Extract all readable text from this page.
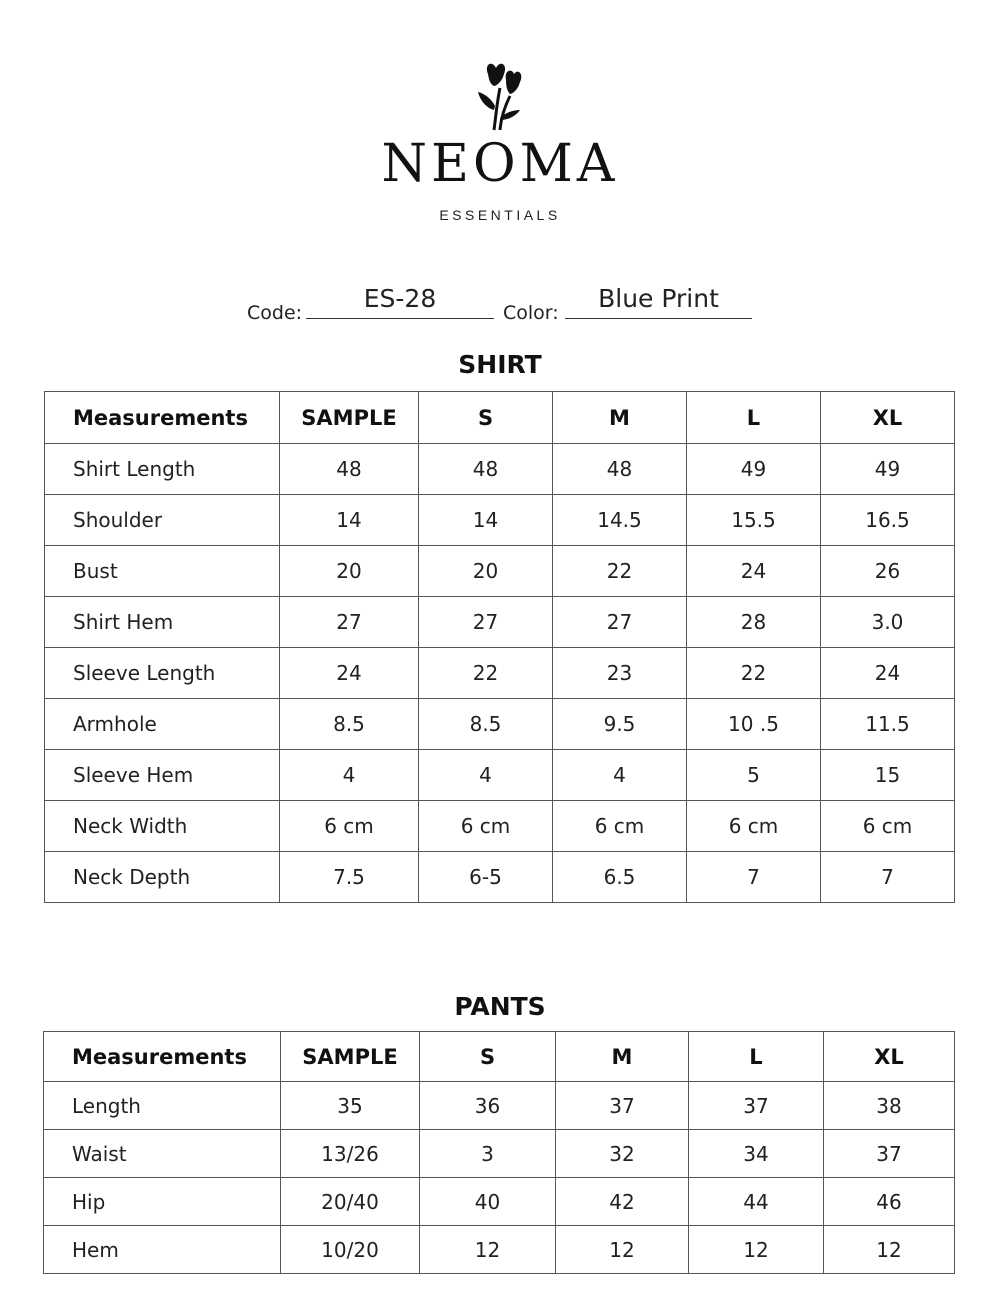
NEOMA
ESSENTIALS
Code:	ES-28	Color:	Blue Print
SHIRT
Measurements	SAMPLE	S	M	L	XL
Shirt Length	48	48	48	49	49
Shoulder	14	14	14.5	15.5	16.5
Bust	20	20	22	24	26
Shirt Hem	27	27	27	28	3.0
Sleeve Length	24	22	23	22	24
Armhole	8.5	8.5	9.5	10 .5	11.5
Sleeve Hem	4	4	4	5	15
Neck Width	6 cm	6 cm	6 cm	6 cm	6 cm
Neck Depth	7.5	6-5	6.5	7	7
PANTS
Measurements	SAMPLE	S	M	L	XL
Length	35	36	37	37	38
Waist	13/26	3	32	34	37
Hip	20/40	40	42	44	46
Hem	10/20	12	12	12	12
